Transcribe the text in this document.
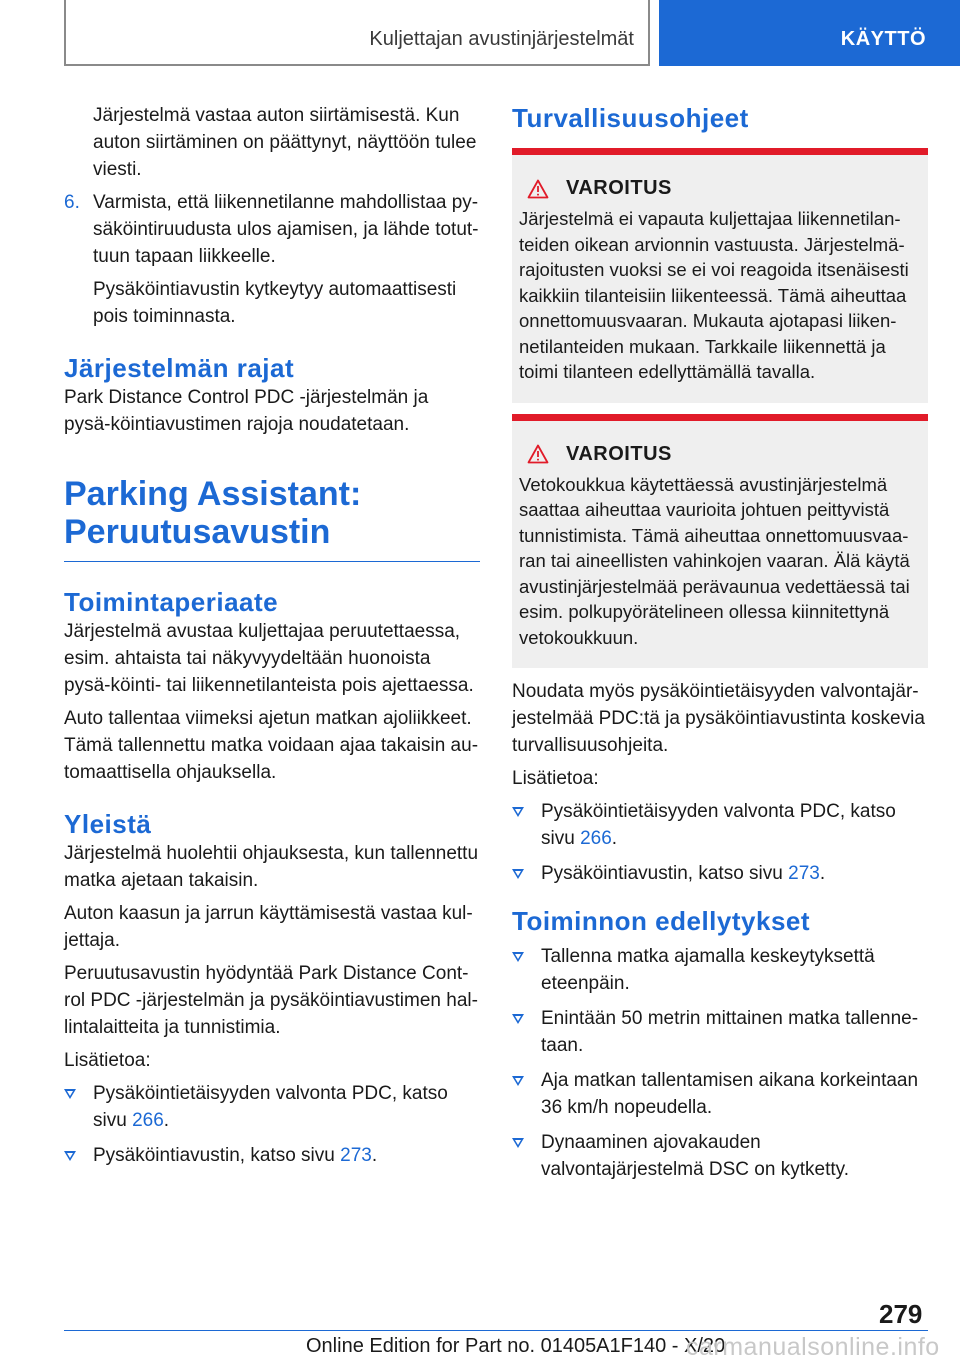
Kuljettajan avustinjärjestelmät	KÄYTTÖ

Järjestelmä vastaa auton siirtämisestä. Kun auton siirtäminen on päättynyt, näyttöön tulee viesti.

6. Varmista, että liikennetilanne mahdollistaa py-säköintiruudusta ulos ajamisen, ja lähde totut-tuun tapaan liikkeelle.

Pysäköintiavustin kytkeytyy automaattisesti pois toiminnasta.

Järjestelmän rajat

Park Distance Control PDC -järjestelmän ja pysä-köintiavustimen rajoja noudatetaan.

Parking Assistant:
Peruutusavustin
Toimintaperiaate

Järjestelmä avustaa kuljettajaa peruutettaessa, esim. ahtaista tai näkyvyydeltään huonoista pysä-köinti- tai liikennetilanteista pois ajettaessa.

Auto tallentaa viimeksi ajetun matkan ajoliikkeet. Tämä tallennettu matka voidaan ajaa takaisin au-tomaattisella ohjauksella.

Yleistä

Järjestelmä huolehtii ohjauksesta, kun tallennettu matka ajetaan takaisin.

Auton kaasun ja jarrun käyttämisestä vastaa kul-jettaja.

Peruutusavustin hyödyntää Park Distance Cont-rol PDC -järjestelmän ja pysäköintiavustimen hal-lintalaitteita ja tunnistimia.

Lisätietoa:

Pysäköintietäisyyden valvonta PDC, katso sivu 266.
Pysäköintiavustin, katso sivu 273.
Turvallisuusohjeet
VAROITUS
Järjestelmä ei vapauta kuljettajaa liikennetilan-teiden oikean arvionnin vastuusta. Järjestelmä-rajoitusten vuoksi se ei voi reagoida itsenäisesti kaikkiin tilanteisiin liikenteessä. Tämä aiheuttaa onnettomuusvaaran. Mukauta ajotapasi liiken-netilanteiden mukaan. Tarkkaile liikennettä ja toimi tilanteen edellyttämällä tavalla.
VAROITUS
Vetokoukkua käytettäessä avustinjärjestelmä saattaa aiheuttaa vaurioita johtuen peittyvistä tunnistimista. Tämä aiheuttaa onnettomuusvaa-ran tai aineellisten vahinkojen vaaran. Älä käytä avustinjärjestelmää perävaunua vedettäessä tai esim. polkupyörätelineen ollessa kiinnitettynä vetokoukkuun.

Noudata myös pysäköintietäisyyden valvontajär-jestelmää PDC:tä ja pysäköintiavustinta koskevia turvallisuusohjeita.

Lisätietoa:

Pysäköintietäisyyden valvonta PDC, katso sivu 266.
Pysäköintiavustin, katso sivu 273.
Toiminnon edellytykset
Tallenna matka ajamalla keskeytyksettä eteenpäin.
Enintään 50 metrin mittainen matka tallenne-taan.
Aja matkan tallentamisen aikana korkeintaan 36 km/h nopeudella.
Dynaaminen ajovakauden valvontajärjestelmä DSC on kytketty.
279
Online Edition for Part no. 01405A1F140 - X/20
carmanualsonline.info
